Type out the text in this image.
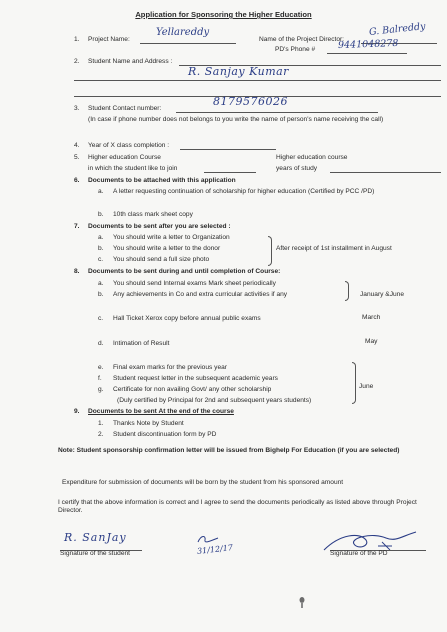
Application for Sponsoring the Higher Education
1. Project Name:
Yellareddy
Name of the Project Director:
G. Balreddy
PD's Phone # 9441048278
2. Student Name and Address :
R. Sanjay Kumar
3. Student Contact number:
8179576026
(In case if phone number does not belongs to you write the name of person's name receiving the call)
4. Year of X class completion :
5. Higher education Course
in which the student like to join
Higher education course
years of study
6. Documents to be attached with this application
a. A letter requesting continuation of scholarship for higher education (Certified by PCC /PD)
b. 10th class mark sheet copy
7. Documents to be sent after you are selected :
a. You should write a letter to Organization
b. You should write a letter to the donor
c. You should send a full size photo
After receipt of 1st installment in August
8. Documents to be sent during and until completion of Course:
a. You should send Internal exams Mark sheet periodically
b. Any achievements in Co and extra curricular activities if any	January &June
c. Hall Ticket Xerox copy before annual public exams	March
d. Intimation of Result	May
e. Final exam marks for the previous year
f. Student request letter in the subsequent academic years
g. Certificate for non availing Govt/ any other scholarship
(Duly certified by Principal for 2nd and subsequent years students)
June
9. Documents to be sent At the end of the course
1. Thanks Note by Student
2. Student discontinuation form by PD
Note: Student sponsorship confirmation letter will be issued from Bighelp For Education (if you are selected)
Expenditure for submission of documents will be born by the student from his sponsored amount
I certify that the above information is correct and I agree to send the documents periodically as listed above through Project Director.
R. SanJay
Signature of the student	31/12/17	Signature of the PD
